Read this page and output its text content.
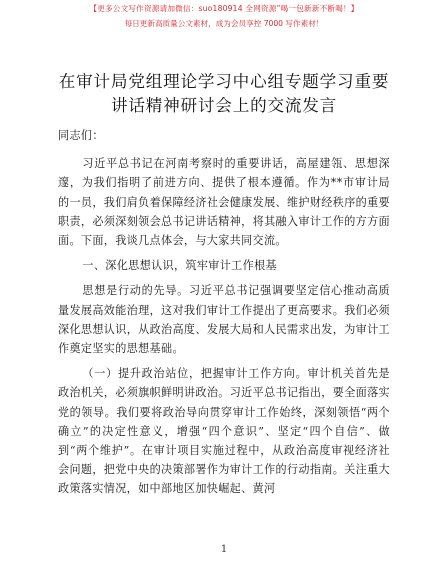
【更多公文写作资源请加微信：suo180914 全网资源”喝一包新新不断喝！】
每日更新高质量公文素材，成为会员享控 7000 写作素材！
在审计局党组理论学习中心组专题学习重要讲话精神研讨会上的交流发言

同志们：

习近平总书记在河南考察时的重要讲话，高屋建瓴、思想深邃，为我们指明了前进方向、提供了根本遵循。作为**市审计局的一员，我们肩负着保障经济社会健康发展、维护财经秩序的重要职责，必须深刻领会总书记讲话精神，将其融入审计工作的方方面面。下面，我谈几点体会，与大家共同交流。

一、深化思想认识，筑牢审计工作根基

思想是行动的先导。习近平总书记强调要坚定信心推动高质量发展高效能治理，这对我们审计工作提出了更高要求。我们必须深化思想认识，从政治高度、发展大局和人民需求出发，为审计工作奠定坚实的思想基础。

（一）提升政治站位，把握审计工作方向。审计机关首先是政治机关，必须旗帜鲜明讲政治。习近平总书记指出，要全面落实党的领导。我们要将政治导向贯穿审计工作始终，深刻领悟“两个确立”的决定性意义，增强“四个意识”、坚定“四个自信”、做到“两个维护”。在审计项目实施过程中，从政治高度审视经济社会问题，把党中央的决策部署作为审计工作的行动指南。关注重大政策落实情况，如中部地区加快崛起、黄河

1
